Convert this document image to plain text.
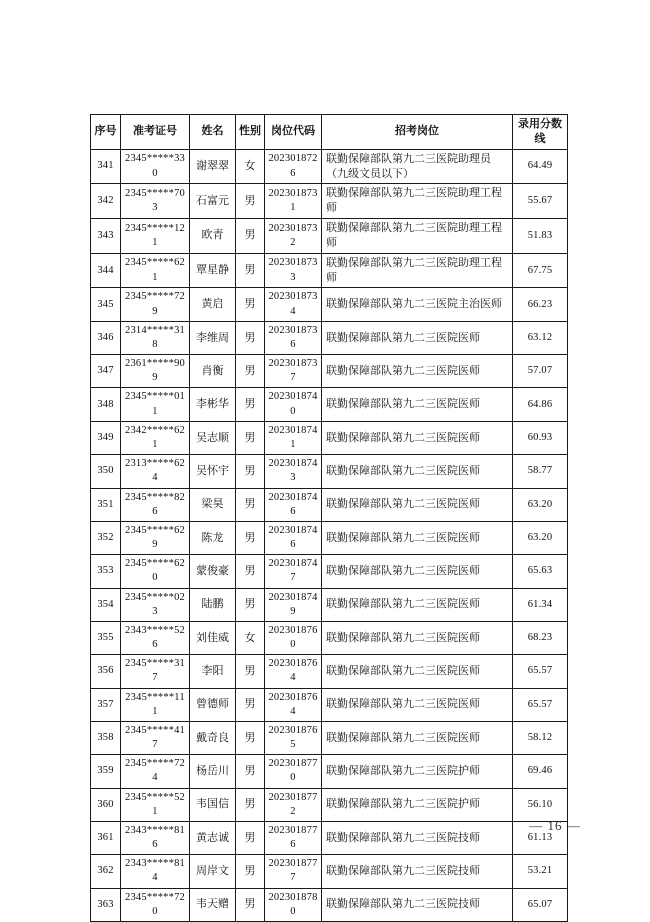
序号	准考证号	姓名	性别	岗位代码	招考岗位	录用分数线
341	2345*****330	谢翠翠	女	2023018726	联勤保障部队第九二三医院助理员（九级文员以下）	64.49
342	2345*****703	石富元	男	2023018731	联勤保障部队第九二三医院助理工程师	55.67
343	2345*****121	欧青	男	2023018732	联勤保障部队第九二三医院助理工程师	51.83
344	2345*****621	覃星静	男	2023018733	联勤保障部队第九二三医院助理工程师	67.75
345	2345*****729	黄启	男	2023018734	联勤保障部队第九二三医院主治医师	66.23
346	2314*****318	李维周	男	2023018736	联勤保障部队第九二三医院医师	63.12
347	2361*****909	肖衡	男	2023018737	联勤保障部队第九二三医院医师	57.07
348	2345*****011	李彬华	男	2023018740	联勤保障部队第九二三医院医师	64.86
349	2342*****621	吴志顺	男	2023018741	联勤保障部队第九二三医院医师	60.93
350	2313*****624	吴怀宇	男	2023018743	联勤保障部队第九二三医院医师	58.77
351	2345*****826	梁昊	男	2023018746	联勤保障部队第九二三医院医师	63.20
352	2345*****629	陈龙	男	2023018746	联勤保障部队第九二三医院医师	63.20
353	2345*****620	蒙俊豪	男	2023018747	联勤保障部队第九二三医院医师	65.63
354	2345*****023	陆鹏	男	2023018749	联勤保障部队第九二三医院医师	61.34
355	2343*****526	刘佳威	女	2023018760	联勤保障部队第九二三医院医师	68.23
356	2345*****317	李阳	男	2023018764	联勤保障部队第九二三医院医师	65.57
357	2345*****111	曾德师	男	2023018764	联勤保障部队第九二三医院医师	65.57
358	2345*****417	戴奇良	男	2023018765	联勤保障部队第九二三医院医师	58.12
359	2345*****724	杨岳川	男	2023018770	联勤保障部队第九二三医院护师	69.46
360	2345*****521	韦国信	男	2023018772	联勤保障部队第九二三医院护师	56.10
361	2343*****816	黄志诚	男	2023018776	联勤保障部队第九二三医院技师	61.13
362	2343*****814	周岸文	男	2023018777	联勤保障部队第九二三医院技师	53.21
363	2345*****720	韦天赠	男	2023018780	联勤保障部队第九二三医院技师	65.07
— 16 —
